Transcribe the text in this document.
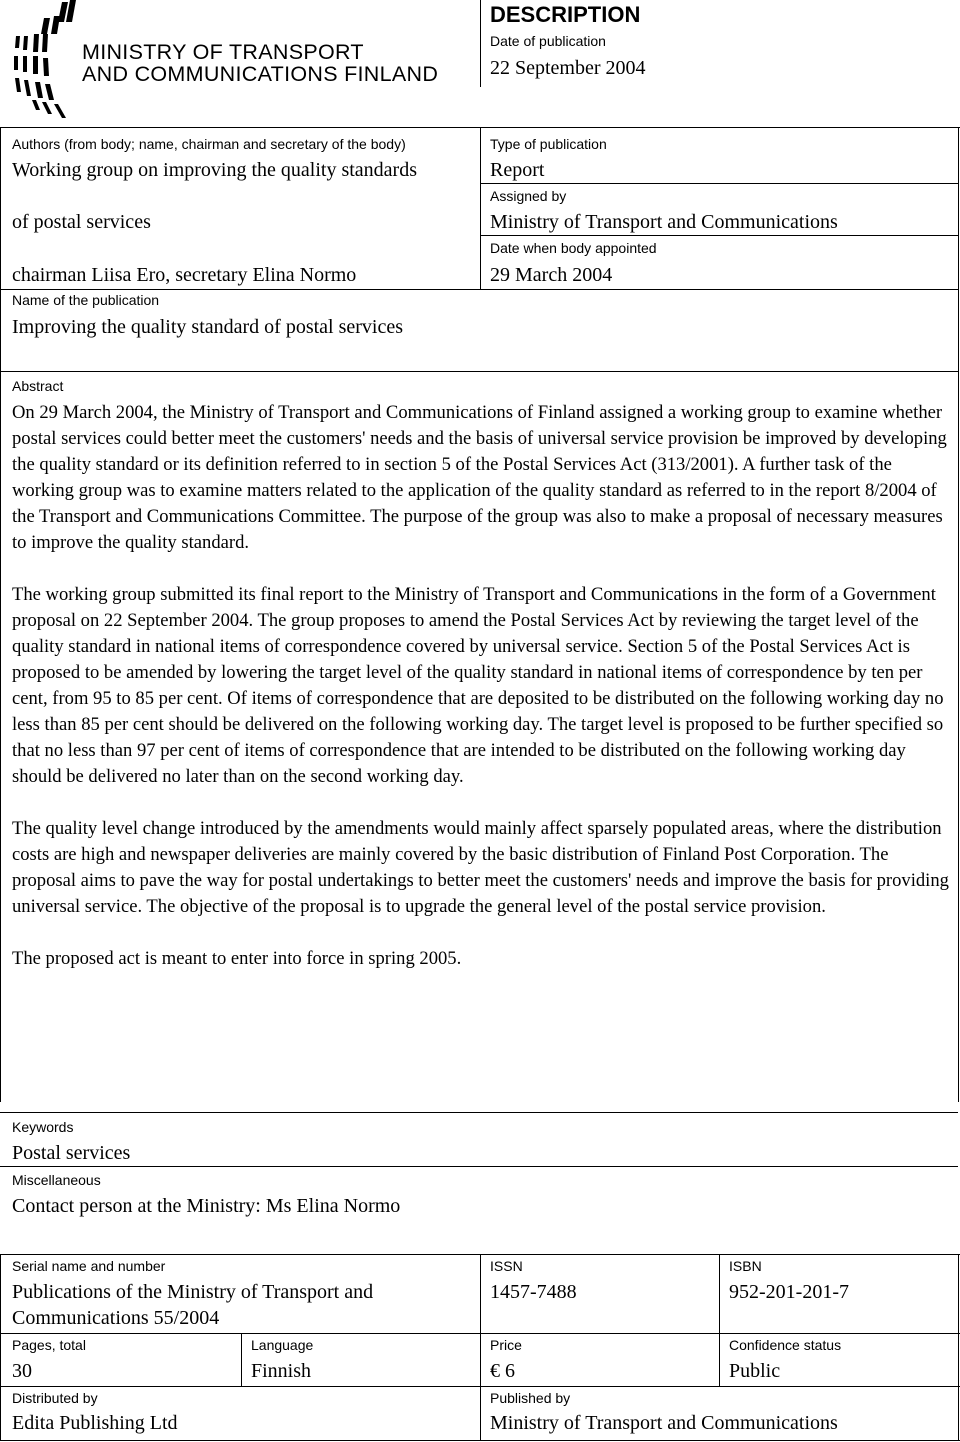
MINISTRY OF TRANSPORT
AND COMMUNICATIONS FINLAND
DESCRIPTION
Date of publication
22 September 2004
Authors (from body; name, chairman and secretary of the body)
Working group on improving the quality standards
of postal services
chairman Liisa Ero, secretary Elina Normo
Type of publication
Report
Assigned by
Ministry of Transport and Communications
Date when body appointed
29 March 2004
Name of the publication
Improving the quality standard of postal services
Abstract

On 29 March 2004, the Ministry of Transport and Communications of Finland assigned a working group to examine whether postal services could better meet the customers' needs and the basis of universal service provision be improved by developing the quality standard or its definition referred to in section 5 of the Postal Services Act (313/2001). A further task of the working group was to examine matters related to the application of the quality standard as referred to in the report 8/2004 of the Transport and Communications Committee. The purpose of the group was also to make a proposal of necessary measures to improve the quality standard.

The working group submitted its final report to the Ministry of Transport and Communications in the form of a Government proposal on 22 September 2004. The group proposes to amend the Postal Services Act by reviewing the target level of the quality standard in national items of correspondence covered by universal service. Section 5 of the Postal Services Act is proposed to be amended by lowering the target level of the quality standard in national items of correspondence by ten per cent, from 95 to 85 per cent. Of items of correspondence that are deposited to be distributed on the following working day no less than 85 per cent should be delivered on the following working day. The target level is proposed to be further specified so that no less than 97 per cent of items of correspondence that are intended to be distributed on the following working day should be delivered no later than on the second working day.

The quality level change introduced by the amendments would mainly affect sparsely populated areas, where the distribution costs are high and newspaper deliveries are mainly covered by the basic distribution of Finland Post Corporation. The proposal aims to pave the way for postal undertakings to better meet the customers' needs and improve the basis for providing universal service. The objective of the proposal is to upgrade the general level of the postal service provision.

The proposed act is meant to enter into force in spring 2005.

Keywords
Postal services
Miscellaneous
Contact person at the Ministry: Ms Elina Normo
Serial name and number
Publications of the Ministry of Transport and
Communications 55/2004
ISSN
1457-7488
ISBN
952-201-201-7
Pages, total
30
Language
Finnish
Price
€ 6
Confidence status
Public
Distributed by
Edita Publishing Ltd
Published by
Ministry of Transport and Communications
